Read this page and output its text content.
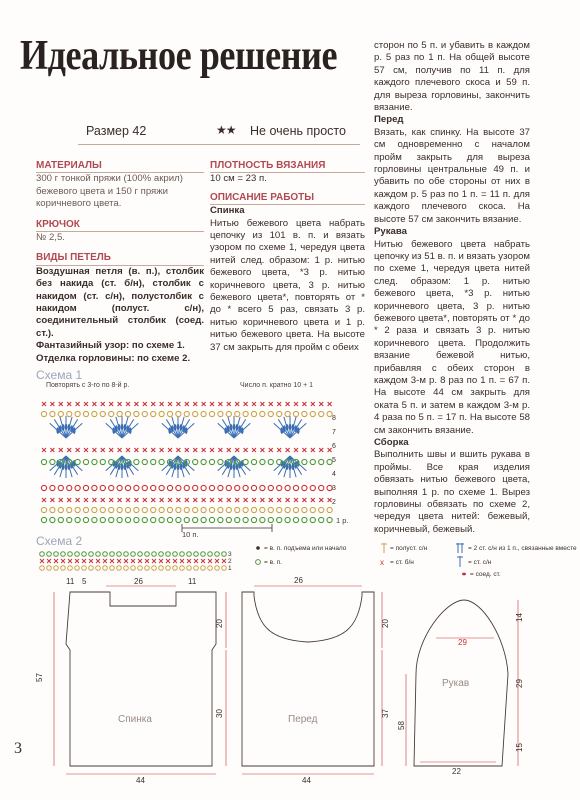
Идеальное решение
Размер 42	★★ Не очень просто

МАТЕРИАЛЫ

300 г тонкой пряжи (100% акрил) бежевого цвета и 150 г пряжи коричневого цвета.

КРЮЧОК

№ 2,5.

ВИДЫ ПЕТЕЛЬ

Воздушная петля (в. п.), столбик без накида (ст. б/н), столбик с накидом (ст. с/н), полустолбик с накидом (полуст. с/н), соединительный столбик (соед. ст.).

Фантазийный узор: по схеме 1.

Отделка горловины: по схеме 2.

ПЛОТНОСТЬ ВЯЗАНИЯ

10 см = 23 п.

ОПИСАНИЕ РАБОТЫ

Спинка

Нитью бежевого цвета набрать цепочку из 101 в. п. и вязать узором по схеме 1, чередуя цвета нитей след. образом: 1 р. нитью бежевого цвета, *3 р. нитью коричневого цвета, 3 р. нитью бежевого цвета*, повторять от * до * всего 5 раз, связать 3 р. нитью коричневого цвета и 1 р. нитью бежевого цвета. На высоте 37 см закрыть для пройм с обеих

сторон по 5 п. и убавить в каждом р. 5 раз по 1 п. На общей высоте 57 см, получив по 11 п. для каждого плечевого скоса и 59 п. для выреза горловины, закончить вязание.

Перед

Вязать, как спинку. На высоте 37 см одновременно с началом пройм закрыть для выреза горловины центральные 49 п. и убавить по обе стороны от них в каждом р. 5 раз по 1 п. = 11 п. для каждого плечевого скоса. На высоте 57 см закончить вязание.

Рукава

Нитью бежевого цвета набрать цепочку из 51 в. п. и вязать узором по схеме 1, чередуя цвета нитей след. образом: 1 р. нитью бежевого цвета, *3 р. нитью коричневого цвета, 3 р. нитью бежевого цвета*, повторять от * до * 2 раза и связать 3 р. нитью коричневого цвета. Продолжить вязание бежевой нитью, прибавляя с обеих сторон в каждом 3-м р. 8 раз по 1 п. = 67 п. На высоте 44 см закрыть для оката 5 п. и затем в каждом 3-м р. 4 раза по 5 п. = 17 п. На высоте 58 см закончить вязание.

Сборка

Выполнить швы и вшить рукава в проймы. Все края изделия обвязать нитью бежевого цвета, выполняя 1 р. по схеме 1. Вырез горловины обвязать по схеме 2, чередуя цвета нитей: бежевый, коричневый, бежевый.

Схема 1
Повторять с 3-го по 8-й р.	Число п. кратно 10 + 1
8
7
6
5
4
3
2
10 п.
1 р.
Схема 2
3
2
1
= в. п. подъема или начало
= в. п.
= полуст. с/н
x = ст. б/н
= 2 ст. с/н из 1 п., связанные вместе
= ст. с/н
= соед. ст.
11 5	26	11
44
57
20
30
26
44
20
37
58
14
29
15
29
22
Спинка	Перед
Рукав
3
